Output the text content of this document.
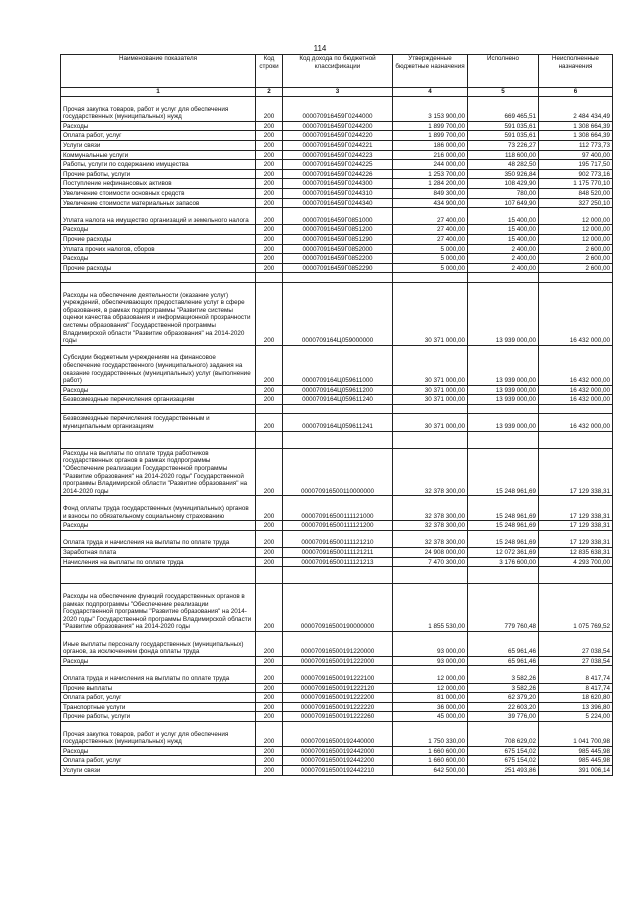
114
Наименование показателя	Код строки	Код дохода по бюджетной классификации	Утвержденные бюджетные назначения	Исполнено	Неисполненные назначения
1	2	3	4	5	6
Прочая закупка товаров, работ и услуг для обеспечения государственных (муниципальных) нужд	200	000070916459Г0244000	3 153 900,00	669 465,51	2 484 434,49
Расходы	200	000070916459Г0244200	1 899 700,00	591 035,61	1 308 664,39
Оплата работ, услуг	200	000070916459Г0244220	1 899 700,00	591 035,61	1 308 664,39
Услуги связи	200	000070916459Г0244221	186 000,00	73 226,27	112 773,73
Коммунальные услуги	200	000070916459Г0244223	216 000,00	118 600,00	97 400,00
Работы, услуги по содержанию имущества	200	000070916459Г0244225	244 000,00	48 282,50	195 717,50
Прочие работы, услуги	200	000070916459Г0244226	1 253 700,00	350 926,84	902 773,16
Поступление нефинансовых активов	200	000070916459Г0244300	1 284 200,00	108 429,90	1 175 770,10
Увеличение стоимости основных средств	200	000070916459Г0244310	849 300,00	780,00	848 520,00
Увеличение стоимости материальных запасов	200	000070916459Г0244340	434 900,00	107 649,90	327 250,10
Уплата налога на имущество организаций и земельного налога	200	000070916459Г0851000	27 400,00	15 400,00	12 000,00
Расходы	200	000070916459Г0851200	27 400,00	15 400,00	12 000,00
Прочие расходы	200	000070916459Г0851290	27 400,00	15 400,00	12 000,00
Уплата прочих налогов, сборов	200	000070916459Г0852000	5 000,00	2 400,00	2 600,00
Расходы	200	000070916459Г0852200	5 000,00	2 400,00	2 600,00
Прочие расходы	200	000070916459Г0852290	5 000,00	2 400,00	2 600,00

Расходы на обеспечение деятельности (оказание услуг) учреждений, обеспечивающих предоставление услуг в сфере образования, в рамках подпрограммы "Развитие системы оценки качества образования и информационной прозрачности системы образования" Государственной программы Владимирской области "Развитие образования" на 2014-2020 годы	200	0000709164Ц059000000	30 371 000,00	13 939 000,00	16 432 000,00
Субсидии бюджетным учреждениям на финансовое обеспечение государственного (муниципального) задания на оказание государственных (муниципальных) услуг (выполнение работ)	200	0000709164Ц059611000	30 371 000,00	13 939 000,00	16 432 000,00
Расходы	200	0000709164Ц059611200	30 371 000,00	13 939 000,00	16 432 000,00
Безвозмездные перечисления организациям	200	0000709164Ц059611240	30 371 000,00	13 939 000,00	16 432 000,00

Безвозмездные перечисления государственным и муниципальным организациям	200	0000709164Ц059611241	30 371 000,00	13 939 000,00	16 432 000,00

Расходы на выплаты по оплате труда работников государственных органов в рамках подпрограммы "Обеспечение реализации Государственной программы "Развитие образования" на 2014-2020 годы" Государственной программы Владимирской области "Развитие образования" на 2014-2020 годы	200	000070916500110000000	32 378 300,00	15 248 961,69	17 129 338,31
Фонд оплаты труда государственных (муниципальных) органов и взносы по обязательному социальному страхованию	200	000070916500111121000	32 378 300,00	15 248 961,69	17 129 338,31
Расходы	200	000070916500111121200	32 378 300,00	15 248 961,69	17 129 338,31
Оплата труда и начисления на выплаты по оплате труда	200	000070916500111121210	32 378 300,00	15 248 961,69	17 129 338,31
Заработная плата	200	000070916500111121211	24 908 000,00	12 072 361,69	12 835 638,31
Начисления на выплаты по оплате труда	200	000070916500111121213	7 470 300,00	3 176 600,00	4 293 700,00

Расходы на обеспечение функций государственных органов в рамках подпрограммы "Обеспечение реализации Государственной программы "Развитие образования" на 2014-2020 годы" Государственной программы Владимирской области "Развитие образования" на 2014-2020 годы	200	000070916500190000000	1 855 530,00	779 760,48	1 075 769,52
Иные выплаты персоналу государственных (муниципальных) органов, за исключением фонда оплаты труда	200	000070916500191220000	93 000,00	65 961,46	27 038,54
Расходы	200	000070916500191222000	93 000,00	65 961,46	27 038,54
Оплата труда и начисления на выплаты по оплате труда	200	000070916500191222100	12 000,00	3 582,26	8 417,74
Прочие выплаты	200	000070916500191222120	12 000,00	3 582,26	8 417,74
Оплата работ, услуг	200	000070916500191222200	81 000,00	62 379,20	18 620,80
Транспортные услуги	200	000070916500191222220	36 000,00	22 603,20	13 396,80
Прочие работы, услуги	200	000070916500191222260	45 000,00	39 776,00	5 224,00
Прочая закупка товаров, работ и услуг для обеспечения государственных (муниципальных) нужд	200	000070916500192440000	1 750 330,00	708 629,02	1 041 700,98
Расходы	200	000070916500192442000	1 660 600,00	675 154,02	985 445,98
Оплата работ, услуг	200	000070916500192442200	1 660 600,00	675 154,02	985 445,98
Услуги связи	200	000070916500192442210	642 500,00	251 493,86	391 006,14
